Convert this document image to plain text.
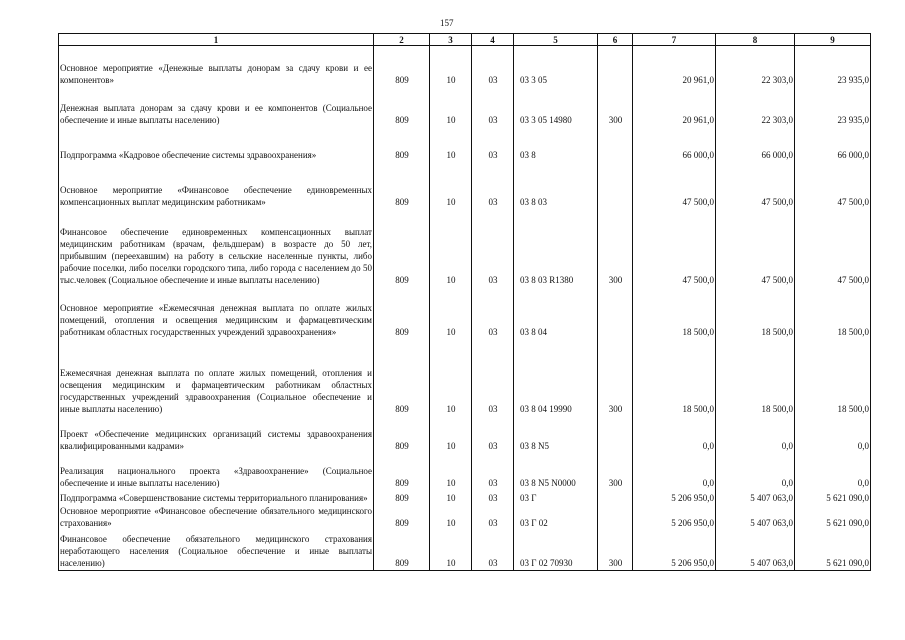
157
1	2	3	4	5	6	7	8	9
Основное мероприятие «Денежные выплаты донорам за сдачу крови и ее компонентов»	809	10	03	03 3 05		20 961,0	22 303,0	23 935,0
Денежная выплата донорам за сдачу крови и ее компонентов (Социальное обеспечение и иные выплаты населению)	809	10	03	03 3 05 14980	300	20 961,0	22 303,0	23 935,0
Подпрограмма «Кадровое обеспечение системы здравоохранения»	809	10	03	03 8		66 000,0	66 000,0	66 000,0
Основное мероприятие «Финансовое обеспечение единовременных компенсационных выплат медицинским работникам»	809	10	03	03 8 03		47 500,0	47 500,0	47 500,0
Финансовое обеспечение единовременных компенсационных выплат медицинским работникам (врачам, фельдшерам) в возрасте до 50 лет, прибывшим (переехавшим) на работу в сельские населенные пункты, либо рабочие поселки, либо поселки городского типа, либо города с населением до 50 тыс.человек (Социальное обеспечение и иные выплаты населению)	809	10	03	03 8 03 R1380	300	47 500,0	47 500,0	47 500,0
Основное мероприятие «Ежемесячная денежная выплата по оплате жилых помещений, отопления и освещения медицинским и фармацевтическим работникам областных государственных учреждений здравоохранения»	809	10	03	03 8 04		18 500,0	18 500,0	18 500,0
Ежемесячная денежная выплата по оплате жилых помещений, отопления и освещения медицинским и фармацевтическим работникам областных государственных учреждений здравоохранения (Социальное обеспечение и иные выплаты населению)	809	10	03	03 8 04 19990	300	18 500,0	18 500,0	18 500,0
Проект «Обеспечение медицинских организаций системы здравоохранения квалифицированными кадрами»	809	10	03	03 8 N5		0,0	0,0	0,0
Реализация национального проекта «Здравоохранение» (Социальное обеспечение и иные выплаты населению)	809	10	03	03 8 N5 N0000	300	0,0	0,0	0,0
Подпрограмма «Совершенствование системы территориального планирования»	809	10	03	03 Г		5 206 950,0	5 407 063,0	5 621 090,0
Основное мероприятие «Финансовое обеспечение обязательного медицинского страхования»	809	10	03	03 Г 02		5 206 950,0	5 407 063,0	5 621 090,0
Финансовое обеспечение обязательного медицинского страхования неработающего населения (Социальное обеспечение и иные выплаты населению)	809	10	03	03 Г 02 70930	300	5 206 950,0	5 407 063,0	5 621 090,0
